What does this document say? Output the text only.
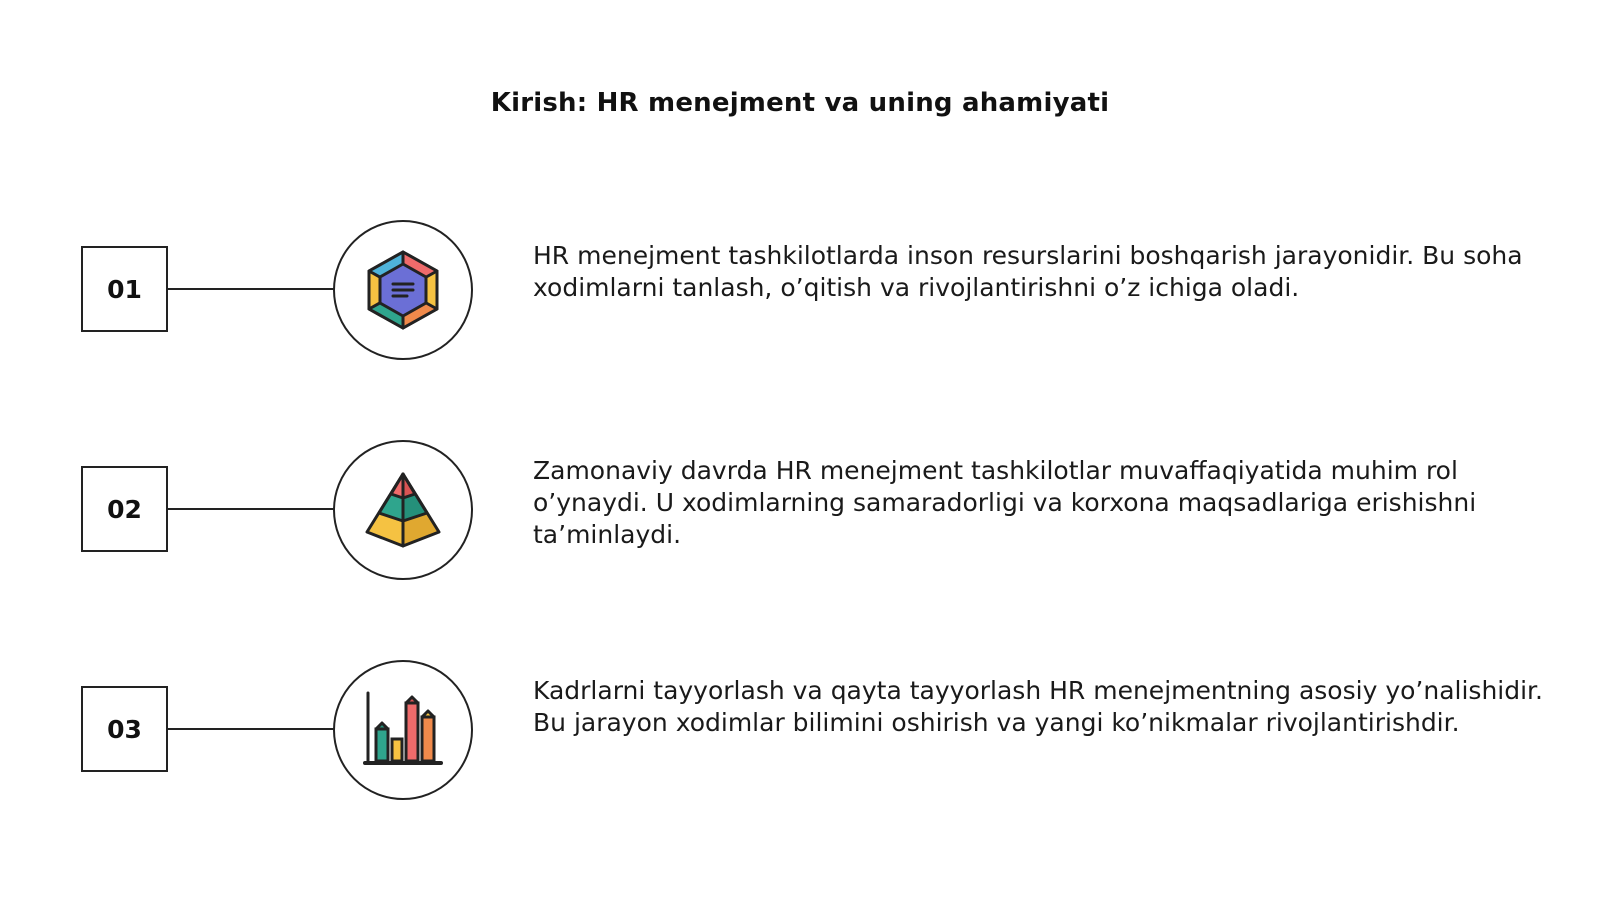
Kirish: HR menejment va uning ahamiyati
01
HR menejment tashkilotlarda inson resurslarini boshqarish jarayonidir. Bu soha xodimlarni tanlash, o’qitish va rivojlantirishni o’z ichiga oladi.
02
Zamonaviy davrda HR menejment tashkilotlar muvaffaqiyatida muhim rol o’ynaydi. U xodimlarning samaradorligi va korxona maqsadlariga erishishni ta’minlaydi.
03
Kadrlarni tayyorlash va qayta tayyorlash HR menejmentning asosiy yo’nalishidir. Bu jarayon xodimlar bilimini oshirish va yangi ko’nikmalar rivojlantirishdir.
